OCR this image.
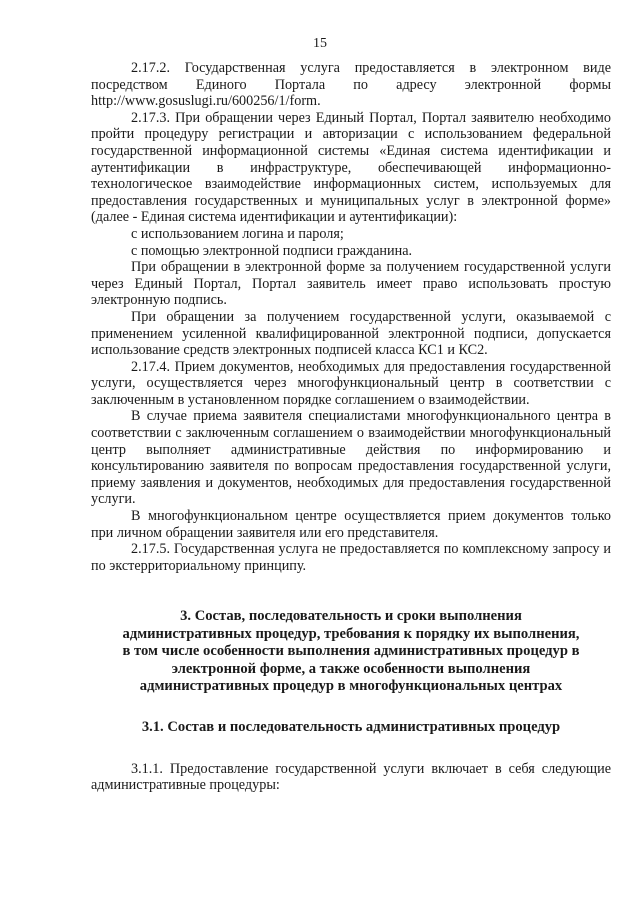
15

2.17.2. Государственная услуга предоставляется в электронном виде посредством Единого Портала по адресу электронной формы http://www.gosuslugi.ru/600256/1/form.

2.17.3. При обращении через Единый Портал, Портал заявителю необходимо пройти процедуру регистрации и авторизации с использованием федеральной государственной информационной системы «Единая система идентификации и аутентификации в инфраструктуре, обеспечивающей информационно-технологическое взаимодействие информационных систем, используемых для предоставления государственных и муниципальных услуг в электронной форме» (далее - Единая система идентификации и аутентификации):

с использованием логина и пароля;

с помощью электронной подписи гражданина.

При обращении в электронной форме за получением государственной услуги через Единый Портал, Портал заявитель имеет право использовать простую электронную подпись.

При обращении за получением государственной услуги, оказываемой с применением усиленной квалифицированной электронной подписи, допускается использование средств электронных подписей класса КС1 и КС2.

2.17.4. Прием документов, необходимых для предоставления государственной услуги, осуществляется через многофункциональный центр в соответствии с заключенным в установленном порядке соглашением о взаимодействии.

В случае приема заявителя специалистами многофункционального центра в соответствии с заключенным соглашением о взаимодействии многофункциональный центр выполняет административные действия по информированию и консультированию заявителя по вопросам предоставления государственной услуги, приему заявления и документов, необходимых для предоставления государственной услуги.

В многофункциональном центре осуществляется прием документов только при личном обращении заявителя или его представителя.

2.17.5. Государственная услуга не предоставляется по комплексному запросу и по экстерриториальному принципу.

3. Состав, последовательность и сроки выполнения административных процедур, требования к порядку их выполнения, в том числе особенности выполнения административных процедур в электронной форме, а также особенности выполнения административных процедур в многофункциональных центрах
3.1. Состав и последовательность административных процедур

3.1.1. Предоставление государственной услуги включает в себя следующие административные процедуры:
